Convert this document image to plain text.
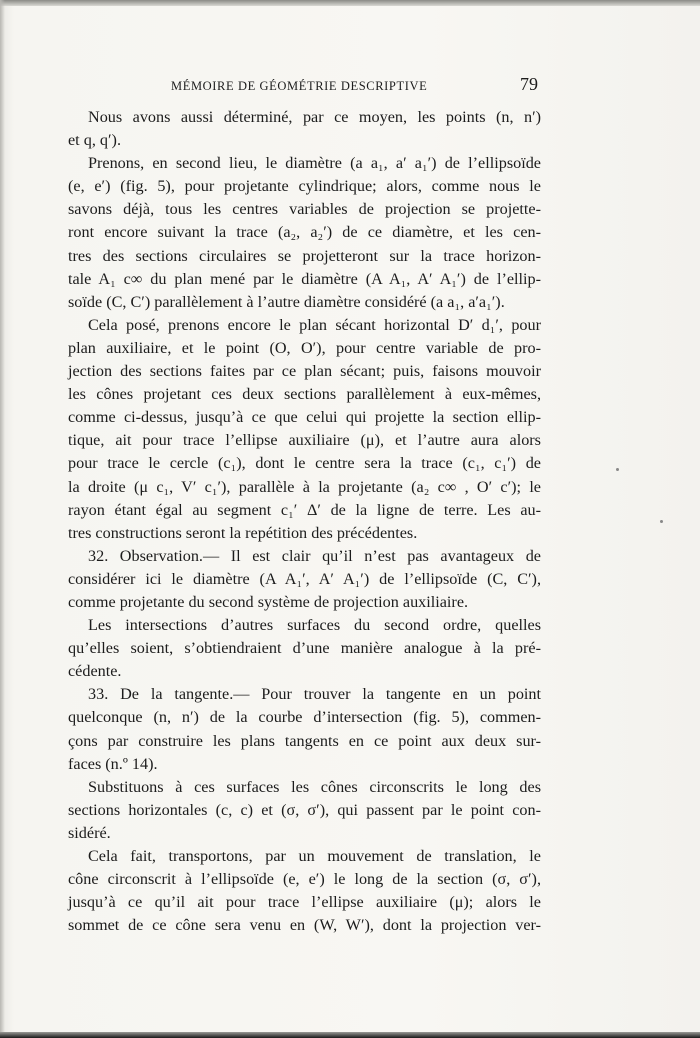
MÉMOIRE DE GÉOMÉTRIE DESCRIPTIVE	79
Nous avons aussi déterminé, par ce moyen, les points (n, n′)
et q, q′).
Prenons, en second lieu, le diamètre (a a₁, a′ a₁′) de l’ellipsoïde
(e, e′) (fig. 5), pour projetante cylindrique; alors, comme nous le
savons déjà, tous les centres variables de projection se projette-
ront encore suivant la trace (a₂, a₂′) de ce diamètre, et les cen-
tres des sections circulaires se projetteront sur la trace horizon-
tale A₁ c∞ du plan mené par le diamètre (A A₁, A′ A₁′) de l’ellip-
soïde (C, C′) parallèlement à l’autre diamètre considéré (a a₁, a′a₁′).
Cela posé, prenons encore le plan sécant horizontal D′ d₁′, pour
plan auxiliaire, et le point (O, O′), pour centre variable de pro-
jection des sections faites par ce plan sécant; puis, faisons mouvoir
les cônes projetant ces deux sections parallèlement à eux-mêmes,
comme ci-dessus, jusqu’à ce que celui qui projette la section ellip-
tique, ait pour trace l’ellipse auxiliaire (μ), et l’autre aura alors
pour trace le cercle (c₁), dont le centre sera la trace (c₁, c₁′) de
la droite (μ c₁, V′ c₁′), parallèle à la projetante (a₂ c∞ , O′ c′); le
rayon étant égal au segment c₁′ Δ′ de la ligne de terre. Les au-
tres constructions seront la repétition des précédentes.
32. Observation.— Il est clair qu’il n’est pas avantageux de
considérer ici le diamètre (A A₁′, A′ A₁′) de l’ellipsoïde (C, C′),
comme projetante du second système de projection auxiliaire.
Les intersections d’autres surfaces du second ordre, quelles
qu’elles soient, s’obtiendraient d’une manière analogue à la pré-
cédente.
33. De la tangente.— Pour trouver la tangente en un point
quelconque (n, n′) de la courbe d’intersection (fig. 5), commen-
çons par construire les plans tangents en ce point aux deux sur-
faces (n.º 14).
Substituons à ces surfaces les cônes circonscrits le long des
sections horizontales (c, c) et (σ, σ′), qui passent par le point con-
sidéré.
Cela fait, transportons, par un mouvement de translation, le
cône circonscrit à l’ellipsoïde (e, e′) le long de la section (σ, σ′),
jusqu’à ce qu’il ait pour trace l’ellipse auxiliaire (μ); alors le
sommet de ce cône sera venu en (W, W′), dont la projection ver-
